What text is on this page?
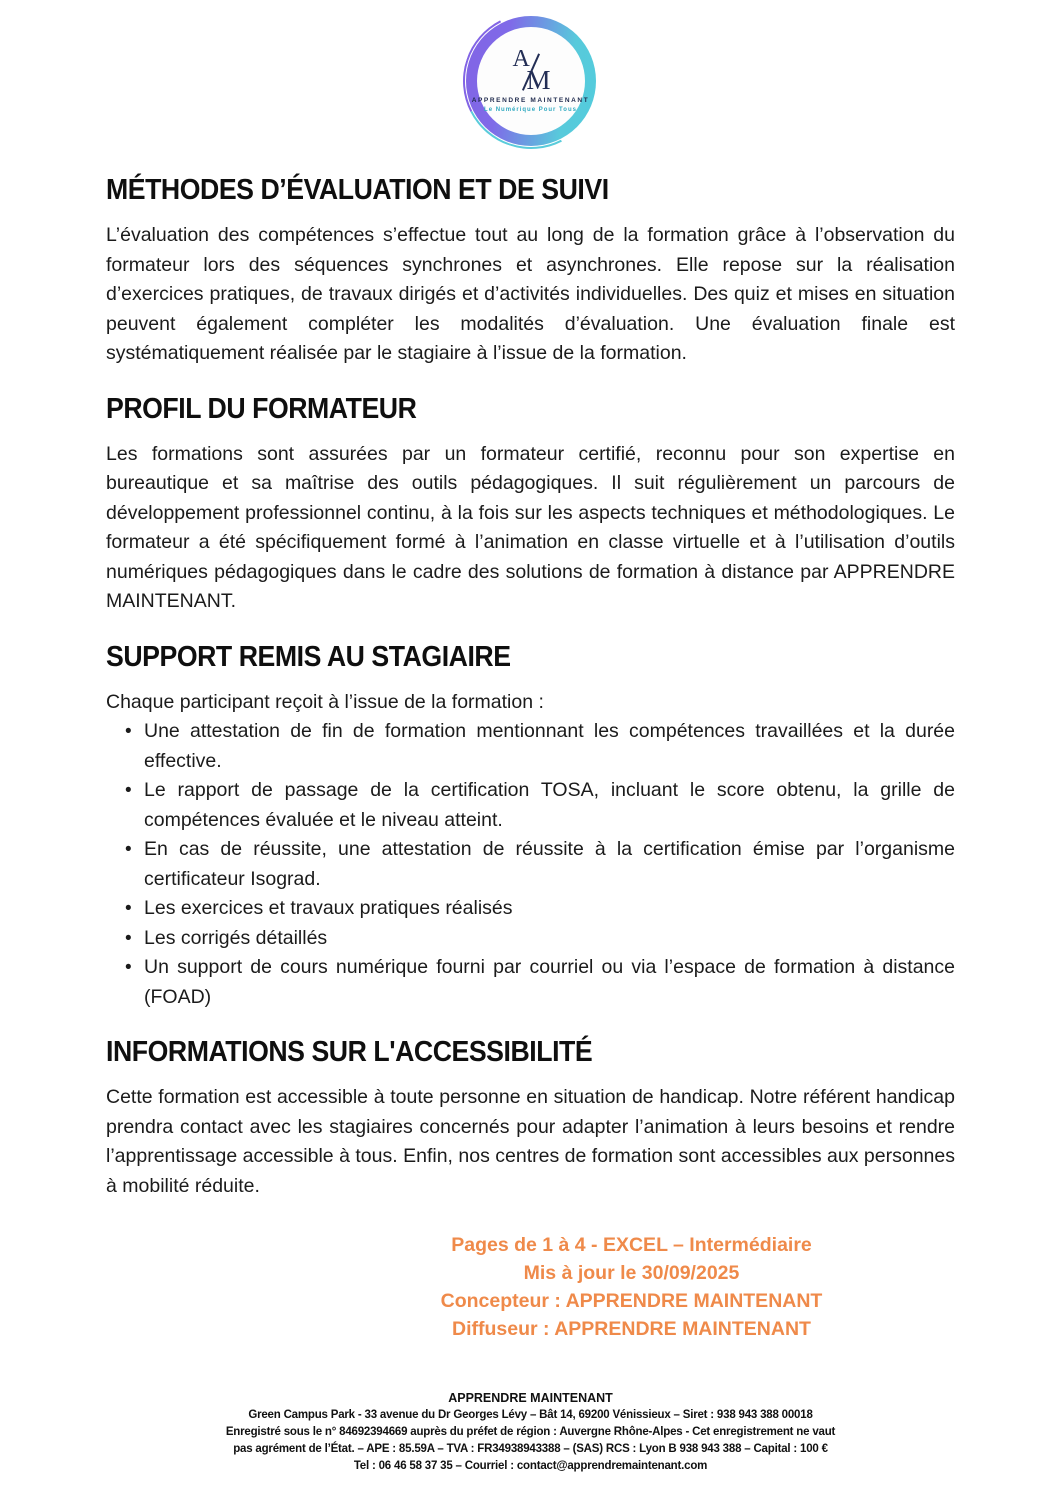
A
M
APPRENDRE MAINTENANT
Le Numérique Pour Tous
MÉTHODES D’ÉVALUATION ET DE SUIVI

L’évaluation des compétences s’effectue tout au long de la formation grâce à l’observation du formateur lors des séquences synchrones et asynchrones. Elle repose sur la réalisation d’exercices pratiques, de travaux dirigés et d’activités individuelles. Des quiz et mises en situation peuvent également compléter les modalités d’évaluation. Une évaluation finale est systématiquement réalisée par le stagiaire à l’issue de la formation.

PROFIL DU FORMATEUR

Les formations sont assurées par un formateur certifié, reconnu pour son expertise en bureautique et sa maîtrise des outils pédagogiques. Il suit régulièrement un parcours de développement professionnel continu, à la fois sur les aspects techniques et méthodologiques. Le formateur a été spécifiquement formé à l’animation en classe virtuelle et à l’utilisation d’outils numériques pédagogiques dans le cadre des solutions de formation à distance par APPRENDRE MAINTENANT.

SUPPORT REMIS AU STAGIAIRE

Chaque participant reçoit à l’issue de la formation :

• Une attestation de fin de formation mentionnant les compétences travaillées et la durée effective.
• Le rapport de passage de la certification TOSA, incluant le score obtenu, la grille de compétences évaluée et le niveau atteint.
• En cas de réussite, une attestation de réussite à la certification émise par l’organisme certificateur Isograd.
• Les exercices et travaux pratiques réalisés
• Les corrigés détaillés
• Un support de cours numérique fourni par courriel ou via l’espace de formation à distance (FOAD)
INFORMATIONS SUR L'ACCESSIBILITÉ

Cette formation est accessible à toute personne en situation de handicap. Notre référent handicap prendra contact avec les stagiaires concernés pour adapter l’animation à leurs besoins et rendre l’apprentissage accessible à tous. Enfin, nos centres de formation sont accessibles aux personnes à mobilité réduite.

Pages de 1 à 4 - EXCEL – Intermédiaire
Mis à jour le 30/09/2025
Concepteur : APPRENDRE MAINTENANT
Diffuseur : APPRENDRE MAINTENANT
APPRENDRE MAINTENANT
Green Campus Park - 33 avenue du Dr Georges Lévy – Bât 14, 69200 Vénissieux – Siret : 938 943 388 00018
Enregistré sous le n° 84692394669 auprès du préfet de région : Auvergne Rhône-Alpes - Cet enregistrement ne vaut
pas agrément de l’État. – APE : 85.59A – TVA : FR34938943388 – (SAS) RCS : Lyon B 938 943 388 – Capital : 100 €
Tel : 06 46 58 37 35 – Courriel : contact@apprendremaintenant.com
